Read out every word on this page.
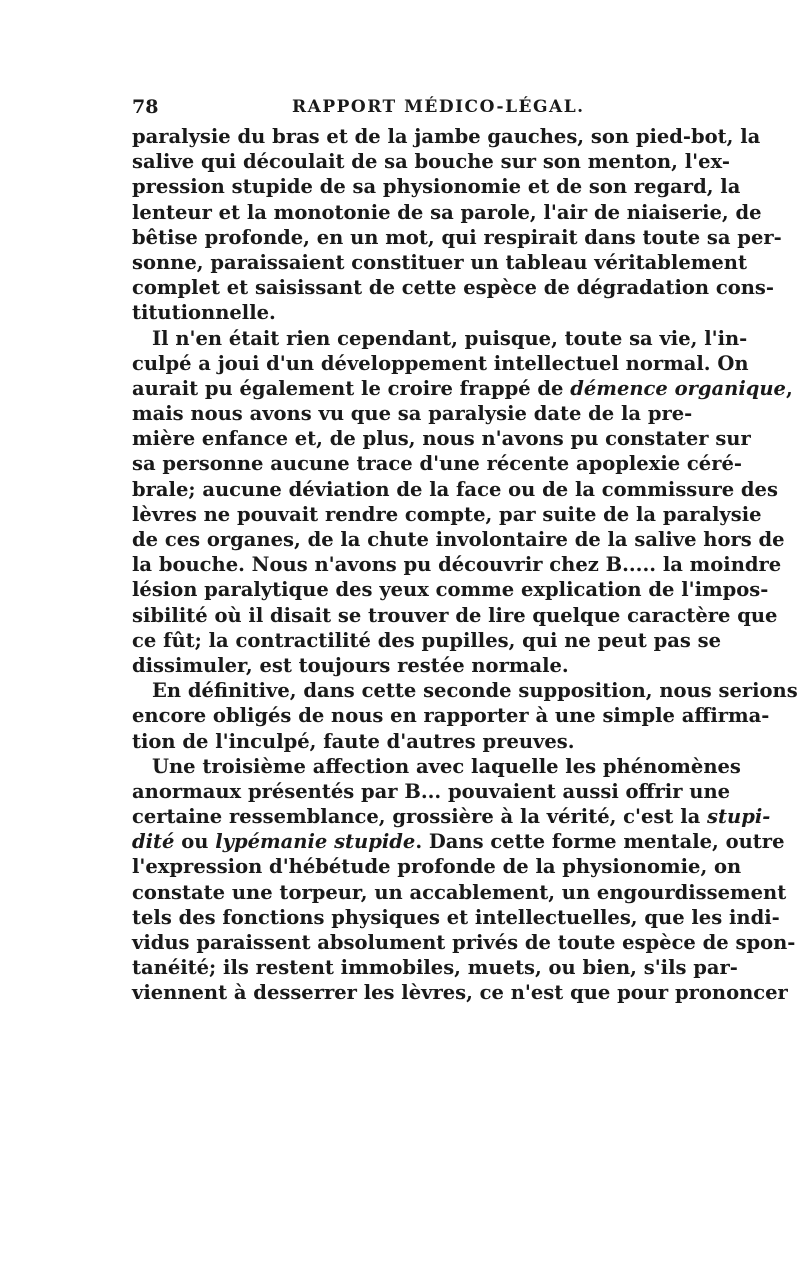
78	RAPPORT MÉDICO-LÉGAL.
paralysie du bras et de la jambe gauches, son pied-bot, la
salive qui découlait de sa bouche sur son menton, l'ex-
pression stupide de sa physionomie et de son regard, la
lenteur et la monotonie de sa parole, l'air de niaiserie, de
bêtise profonde, en un mot, qui respirait dans toute sa per-
sonne, paraissaient constituer un tableau véritablement
complet et saisissant de cette espèce de dégradation cons-
titutionnelle.
Il n'en était rien cependant, puisque, toute sa vie, l'in-
culpé a joui d'un développement intellectuel normal. On
aurait pu également le croire frappé de démence organique,
mais nous avons vu que sa paralysie date de la pre-
mière enfance et, de plus, nous n'avons pu constater sur
sa personne aucune trace d'une récente apoplexie céré-
brale; aucune déviation de la face ou de la commissure des
lèvres ne pouvait rendre compte, par suite de la paralysie
de ces organes, de la chute involontaire de la salive hors de
la bouche. Nous n'avons pu découvrir chez B..... la moindre
lésion paralytique des yeux comme explication de l'impos-
sibilité où il disait se trouver de lire quelque caractère que
ce fût; la contractilité des pupilles, qui ne peut pas se
dissimuler, est toujours restée normale.
En définitive, dans cette seconde supposition, nous serions
encore obligés de nous en rapporter à une simple affirma-
tion de l'inculpé, faute d'autres preuves.
Une troisième affection avec laquelle les phénomènes
anormaux présentés par B... pouvaient aussi offrir une
certaine ressemblance, grossière à la vérité, c'est la stupi-
dité ou lypémanie stupide. Dans cette forme mentale, outre
l'expression d'hébétude profonde de la physionomie, on
constate une torpeur, un accablement, un engourdissement
tels des fonctions physiques et intellectuelles, que les indi-
vidus paraissent absolument privés de toute espèce de spon-
tanéité; ils restent immobiles, muets, ou bien, s'ils par-
viennent à desserrer les lèvres, ce n'est que pour prononcer
